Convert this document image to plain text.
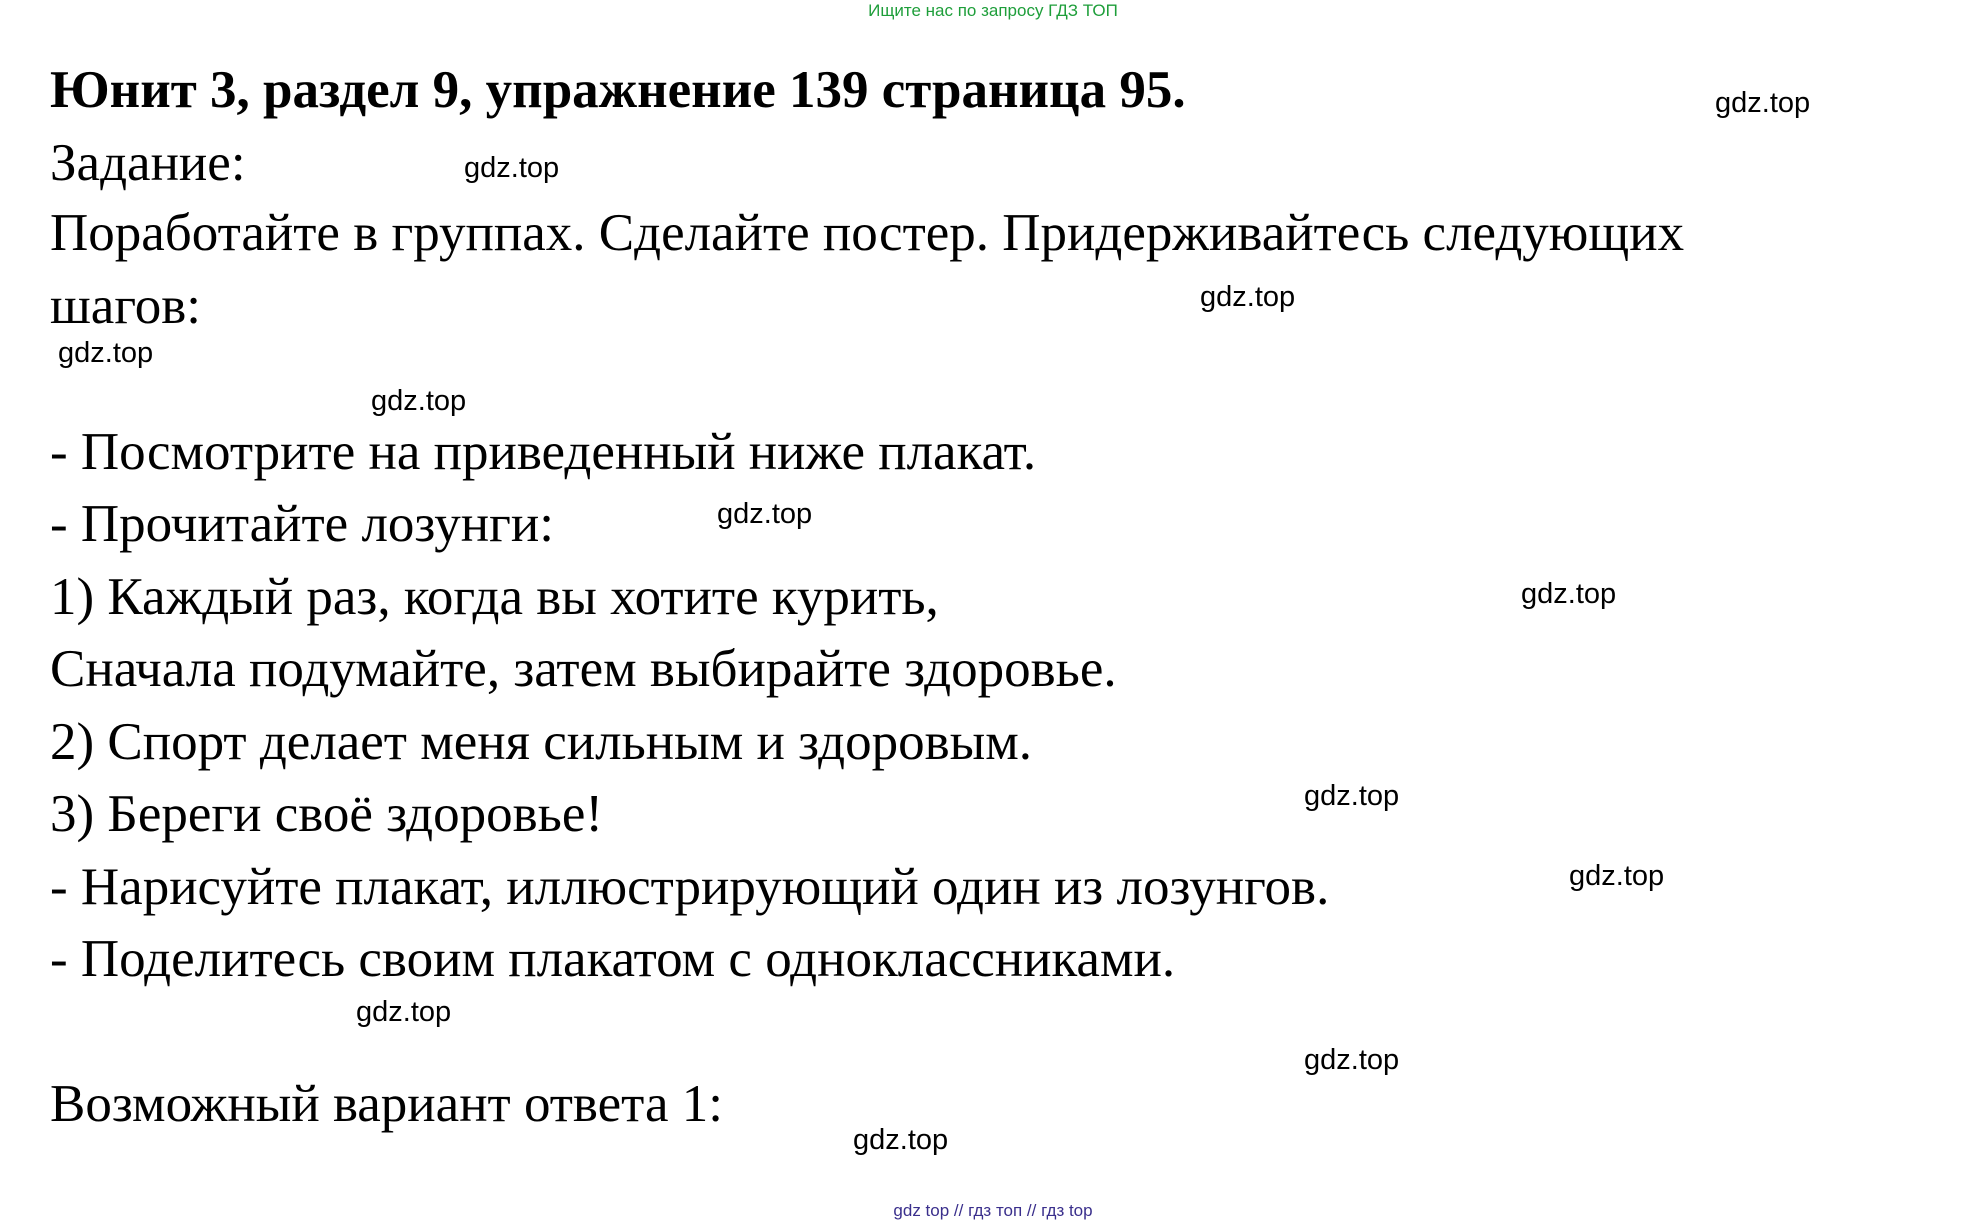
Ищите нас по запросу ГДЗ ТОП
Юнит 3, раздел 9, упражнение 139 страница 95.
Задание:
Поработайте в группах. Сделайте постер. Придерживайтесь следующих
шагов:
- Посмотрите на приведенный ниже плакат.
- Прочитайте лозунги:
1) Каждый раз, когда вы хотите курить,
Сначала подумайте, затем выбирайте здоровье.
2) Спорт делает меня сильным и здоровым.
3) Береги своё здоровье!
- Нарисуйте плакат, иллюстрирующий один из лозунгов.
- Поделитесь своим плакатом с одноклассниками.
Возможный вариант ответа 1:
gdz.top
gdz.top
gdz.top
gdz.top
gdz.top
gdz.top
gdz.top
gdz.top
gdz.top
gdz.top
gdz.top
gdz.top
gdz top // гдз топ // гдз top
